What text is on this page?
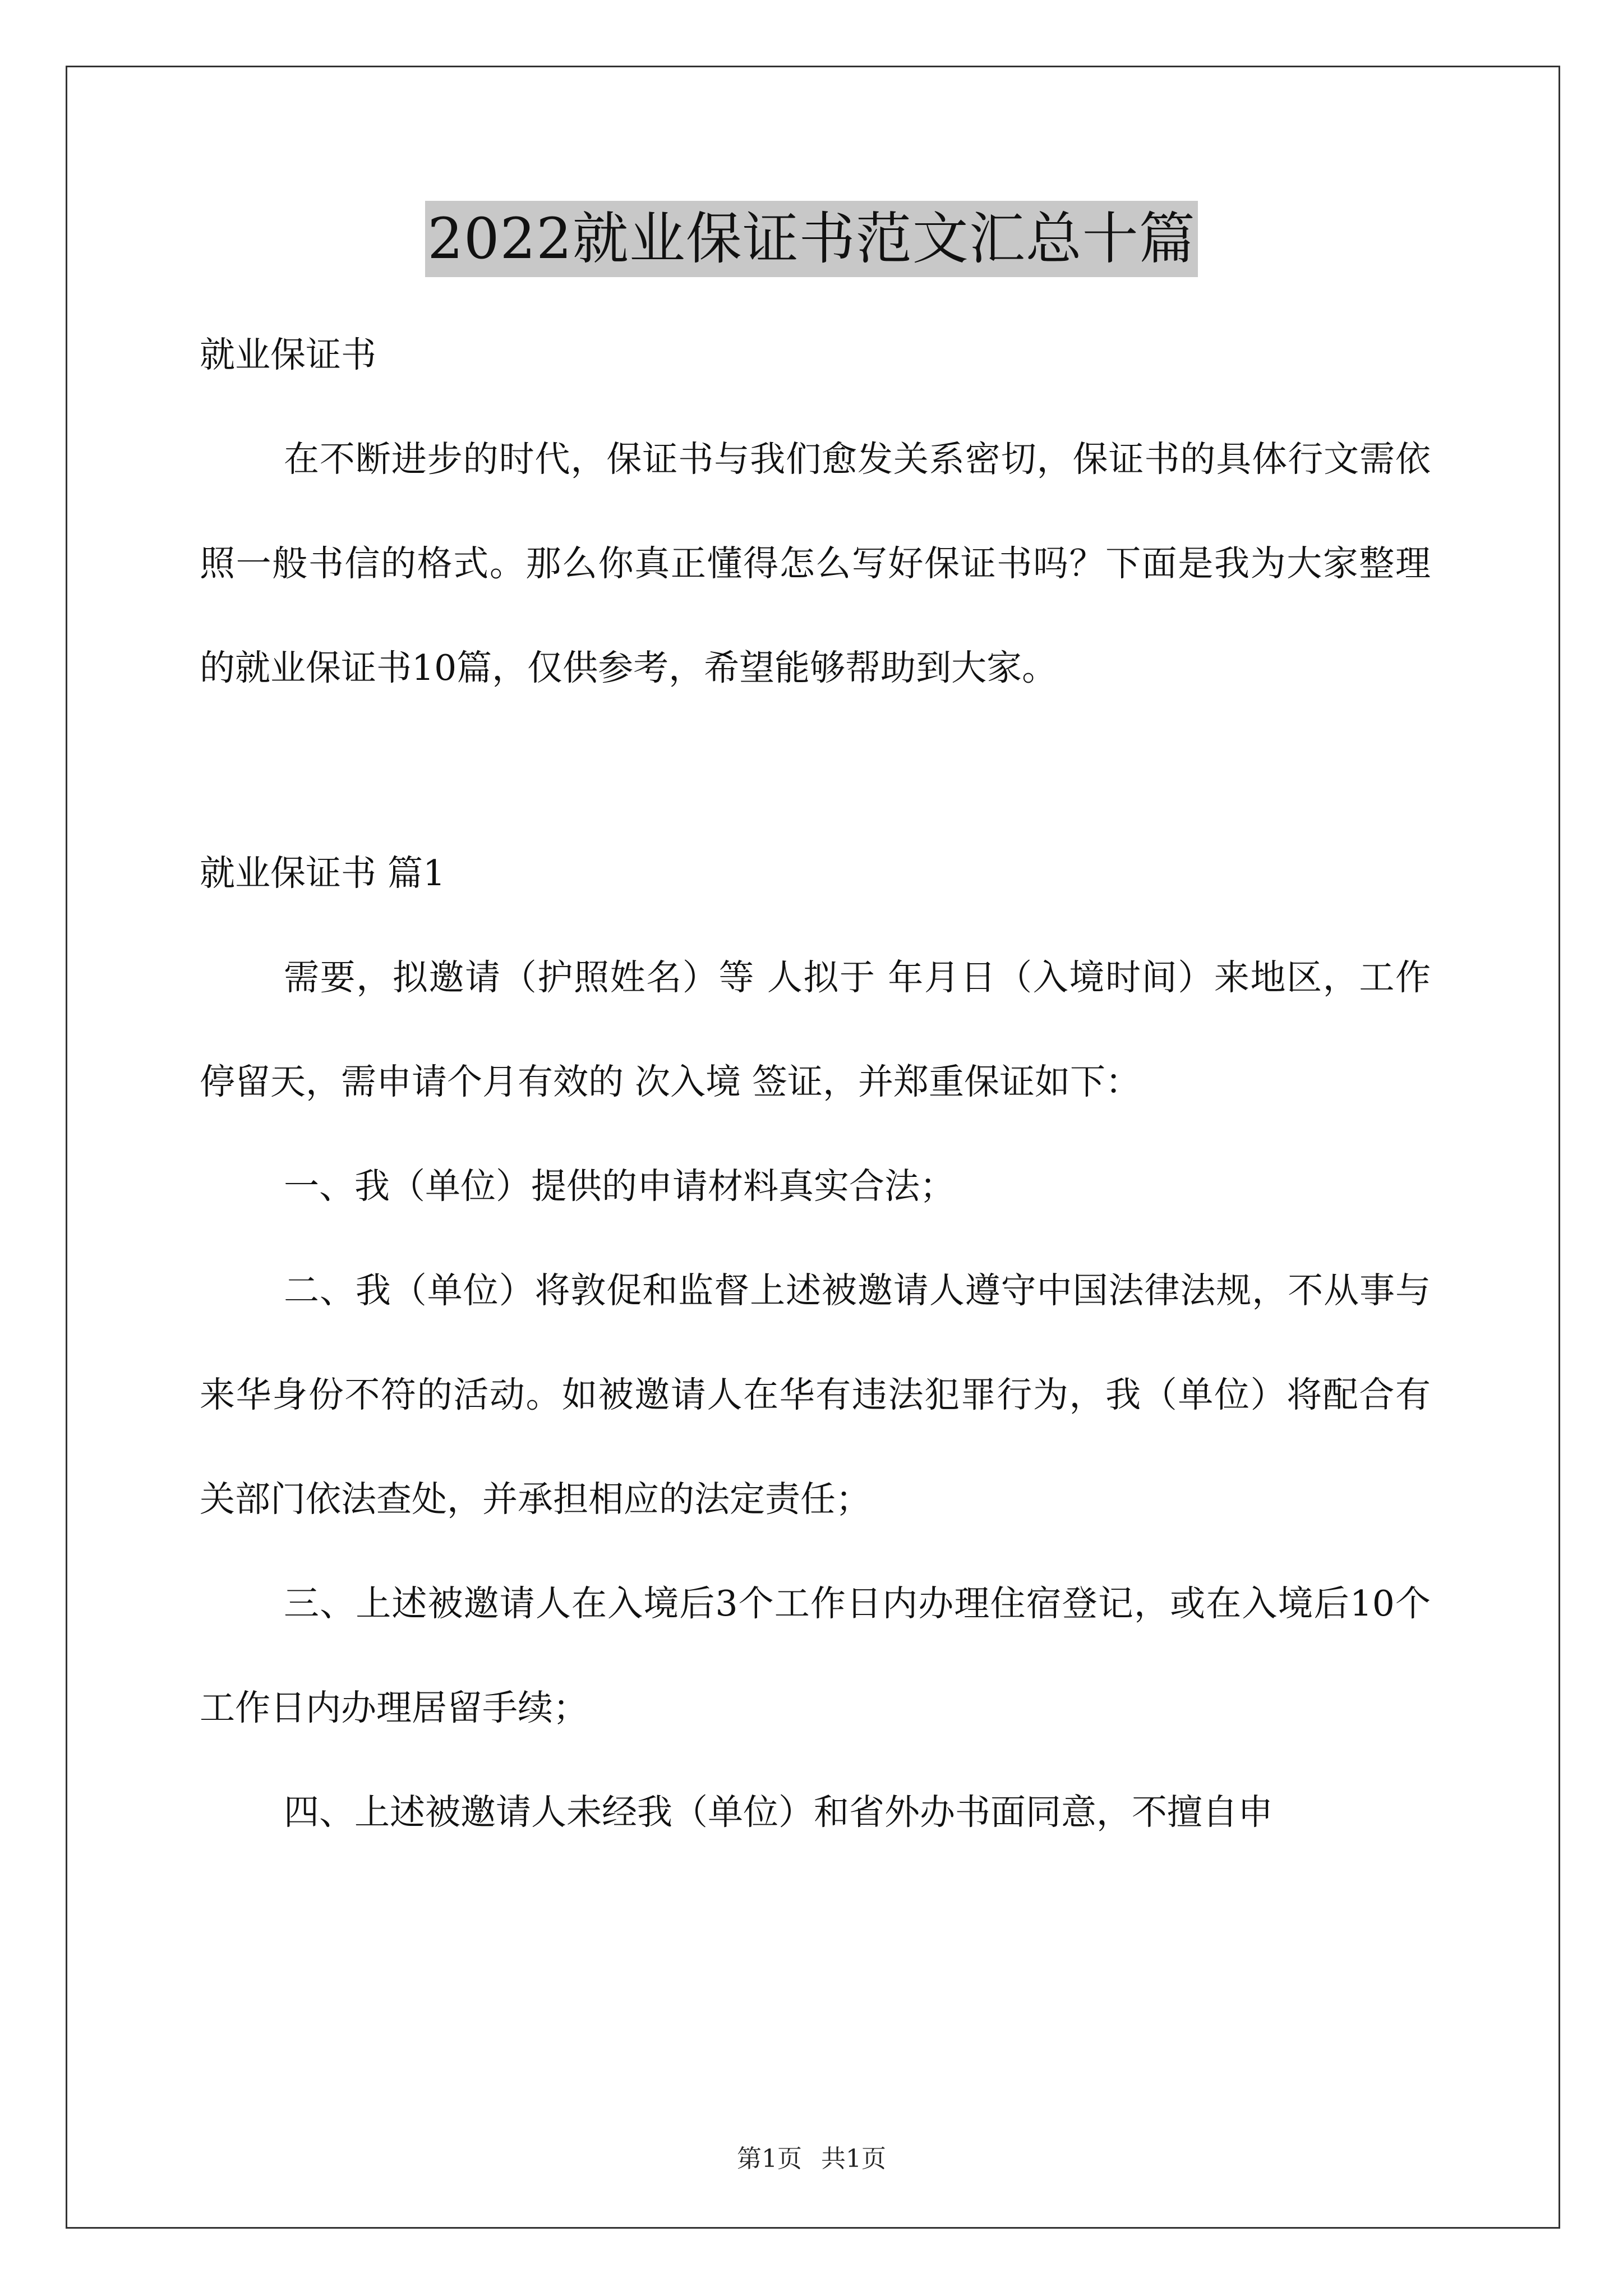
2022就业保证书范文汇总十篇

就业保证书

在不断进步的时代，保证书与我们愈发关系密切，保证书的具体行文需依照一般书信的格式。那么你真正懂得怎么写好保证书吗？下面是我为大家整理的就业保证书10篇，仅供参考，希望能够帮助到大家。

就业保证书 篇1

需要，拟邀请（护照姓名）等 人拟于 年月日（入境时间）来地区，工作停留天，需申请个月有效的 次入境 签证，并郑重保证如下：

一、我（单位）提供的申请材料真实合法；

二、我（单位）将敦促和监督上述被邀请人遵守中国法律法规，不从事与来华身份不符的活动。如被邀请人在华有违法犯罪行为，我（单位）将配合有关部门依法查处，并承担相应的法定责任；

三、上述被邀请人在入境后3个工作日内办理住宿登记，或在入境后10个工作日内办理居留手续；

四、上述被邀请人未经我（单位）和省外办书面同意，不擅自申

第1页 共1页
